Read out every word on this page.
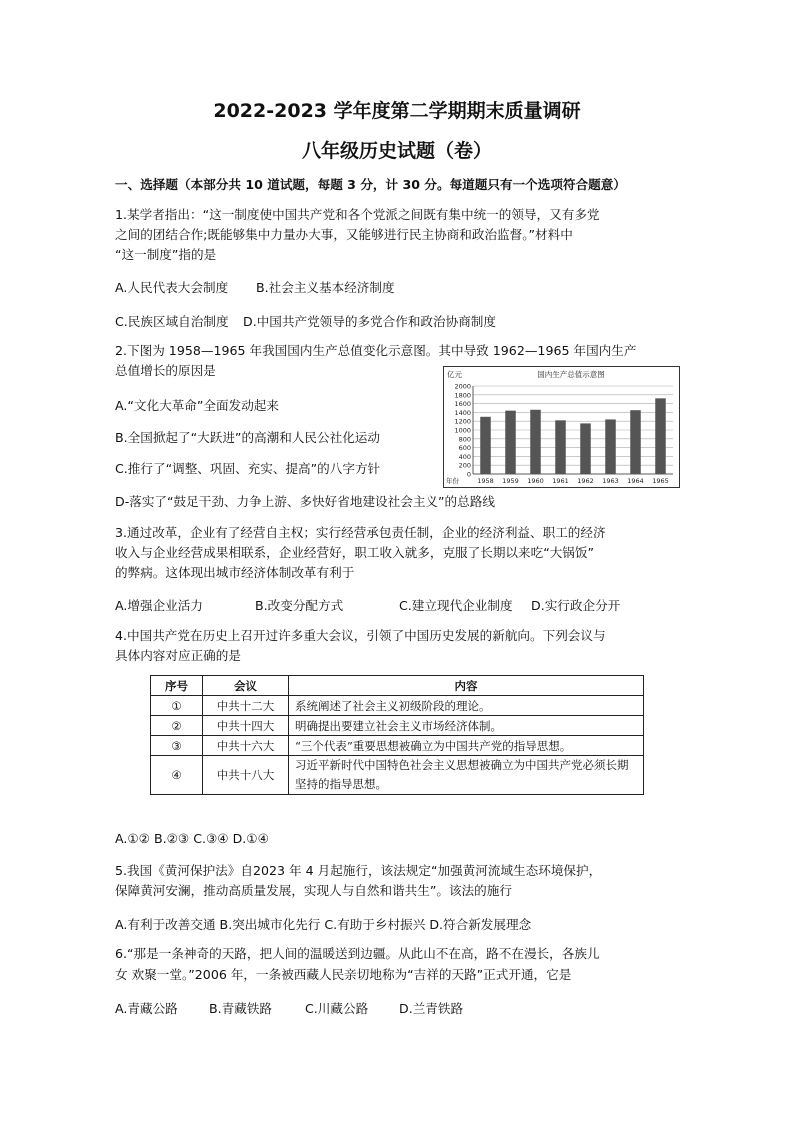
2022-2023 学年度第二学期期末质量调研
八年级历史试题（卷）
一、选择题（本部分共 10 道试题，每题 3 分，计 30 分。每道题只有一个选项符合题意）
1.某学者指出：“这一制度使中国共产党和各个党派之间既有集中统一的领导，又有多党
之间的团结合作;既能够集中力量办大事，又能够进行民主协商和政治监督。”材料中
“这一制度”指的是
A.人民代表大会制度 B.社会主义基本经济制度
C.民族区域自治制度 D.中国共产党领导的多党合作和政治协商制度
2.下图为 1958—1965 年我国国内生产总值变化示意图。其中导致 1962—1965 年国内生产
总值增长的原因是
A.“文化大革命”全面发动起来
B.全国掀起了“大跃进”的高潮和人民公社化运动
C.推行了“调整、巩固、充实、提高”的八字方针
D-落实了“鼓足干劲、力争上游、多快好省地建设社会主义”的总路线
国内生产总值示意图
亿元
0
200
400
600
800
1000
1200
1400
1600
1800
2000
1958 1959 1960 1961 1962 1963 1964 1965
年份
3.通过改革，企业有了经营自主权；实行经营承包责任制，企业的经济利益、职工的经济
收入与企业经营成果相联系，企业经营好，职工收入就多，克服了长期以来吃“大锅饭”
的弊病。这体现出城市经济体制改革有利于
A.增强企业活力	B.改变分配方式	C.建立现代企业制度 D.实行政企分开
4.中国共产党在历史上召开过许多重大会议，引领了中国历史发展的新航向。下列会议与
具体内容对应正确的是
序号	会议	内容
①	中共十二大	系统阐述了社会主义初级阶段的理论。
②	中共十四大	明确提出要建立社会主义市场经济体制。
③	中共十六大	“三个代表”重要思想被确立为中国共产党的指导思想。
④	中共十八大	习近平新时代中国特色社会主义思想被确立为中国共产党必须长期坚持的指导思想。
A.①② B.②③ C.③④ D.①④
5.我国《黄河保护法》自2023 年 4 月起施行，该法规定“加强黄河流域生态环境保护，
保障黄河安澜，推动高质量发展，实现人与自然和谐共生”。该法的施行
A.有利于改善交通 B.突出城市化先行 C.有助于乡村振兴 D.符合新发展理念
6.“那是一条神奇的天路，把人间的温暖送到边疆。从此山不在高，路不在漫长，各族儿
女 欢聚一堂。”2006 年，一条被西藏人民亲切地称为“吉祥的天路”正式开通，它是
A.青藏公路 B.青藏铁路	C.川藏公路 D.兰青铁路
